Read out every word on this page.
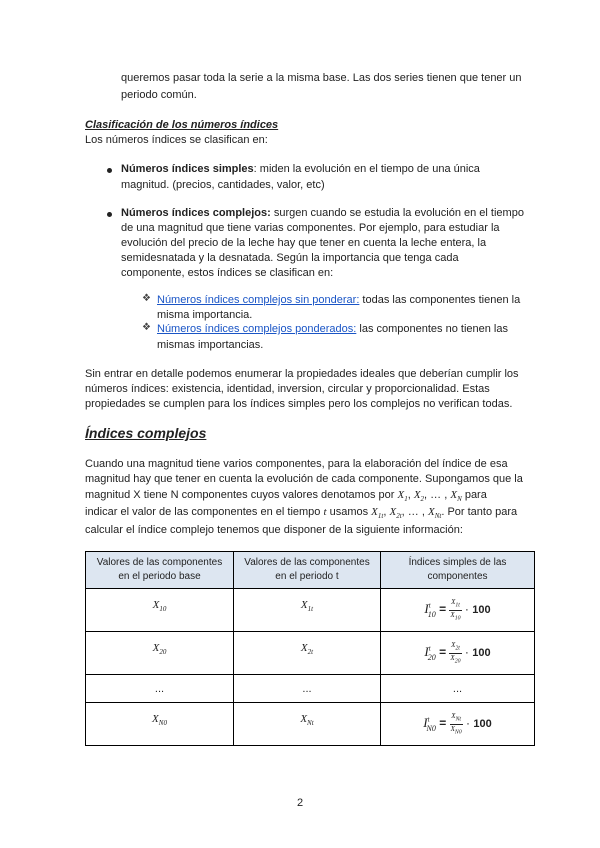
queremos pasar toda la serie a la misma base. Las dos series tienen que tener un
periodo común.
Clasificación de los números índices
Los números índices se clasifican en:
Números índices simples: miden la evolución en el tiempo de una única
magnitud. (precios, cantidades, valor, etc)
Números índices complejos: surgen cuando se estudia la evolución en el tiempo
de una magnitud que tiene varias componentes. Por ejemplo, para estudiar la
evolución del precio de la leche hay que tener en cuenta la leche entera, la
semidesnatada y la desnatada. Según la importancia que tenga cada
componente, estos índices se clasifican en:
❖ Números índices complejos sin ponderar: todas las componentes tienen la
misma importancia.
❖ Números índices complejos ponderados: las componentes no tienen las
mismas importancias.
Sin entrar en detalle podemos enumerar la propiedades ideales que deberían cumplir los
números índices: existencia, identidad, inversion, circular y proporcionalidad. Estas
propiedades se cumplen para los índices simples pero los complejos no verifican todas.
Índices complejos
Cuando una magnitud tiene varios componentes, para la elaboración del índice de esa
magnitud hay que tener en cuenta la evolución de cada componente. Supongamos que la
magnitud X tiene N componentes cuyos valores denotamos por $X_1$, $X_2$, … , $X_N$ para
indicar el valor de las componentes en el tiempo t usamos $X_{1t}$, $X_{2t}$, … , $X_{Nt}$. Por tanto para
calcular el índice complejo tenemos que disponer de la siguiente información:
Valores de las componentes en el periodo base	Valores de las componentes en el periodo t	Índices simples de las componentes
$X_{10}$	$X_{1t}$	$I^t_{10} = \frac{X_{1t}}{X_{10}} \cdot 100$
$X_{20}$	$X_{2t}$	$I^t_{20} = \frac{X_{2t}}{X_{20}} \cdot 100$
...	...	...
$X_{N0}$	$X_{Nt}$	$I^t_{N0} = \frac{X_{Nt}}{X_{N0}} \cdot 100$
2
